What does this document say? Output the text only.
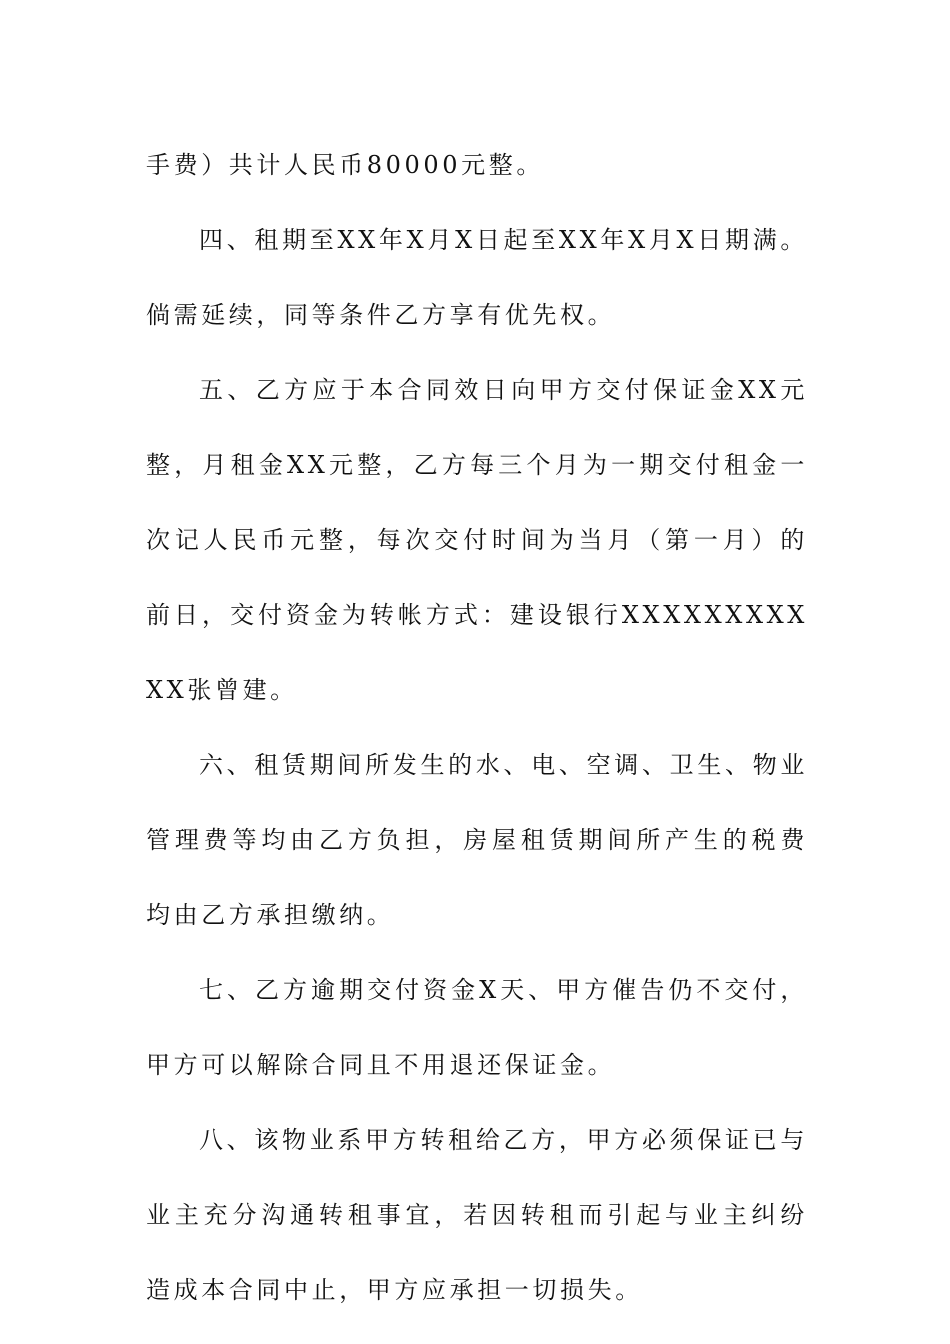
手费）共计人民币80000元整。

四、租期至XX年X月X日起至XX年X月X日期满。倘需延续，同等条件乙方享有优先权。

五、乙方应于本合同效日向甲方交付保证金XX元整，月租金XX元整，乙方每三个月为一期交付租金一次记人民币元整，每次交付时间为当月（第一月）的前日，交付资金为转帐方式：建设银行XXXXXXXXXXX张曾建。

六、租赁期间所发生的水、电、空调、卫生、物业管理费等均由乙方负担，房屋租赁期间所产生的税费均由乙方承担缴纳。

七、乙方逾期交付资金X天、甲方催告仍不交付，甲方可以解除合同且不用退还保证金。

八、该物业系甲方转租给乙方，甲方必须保证已与业主充分沟通转租事宜，若因转租而引起与业主纠纷造成本合同中止，甲方应承担一切损失。
